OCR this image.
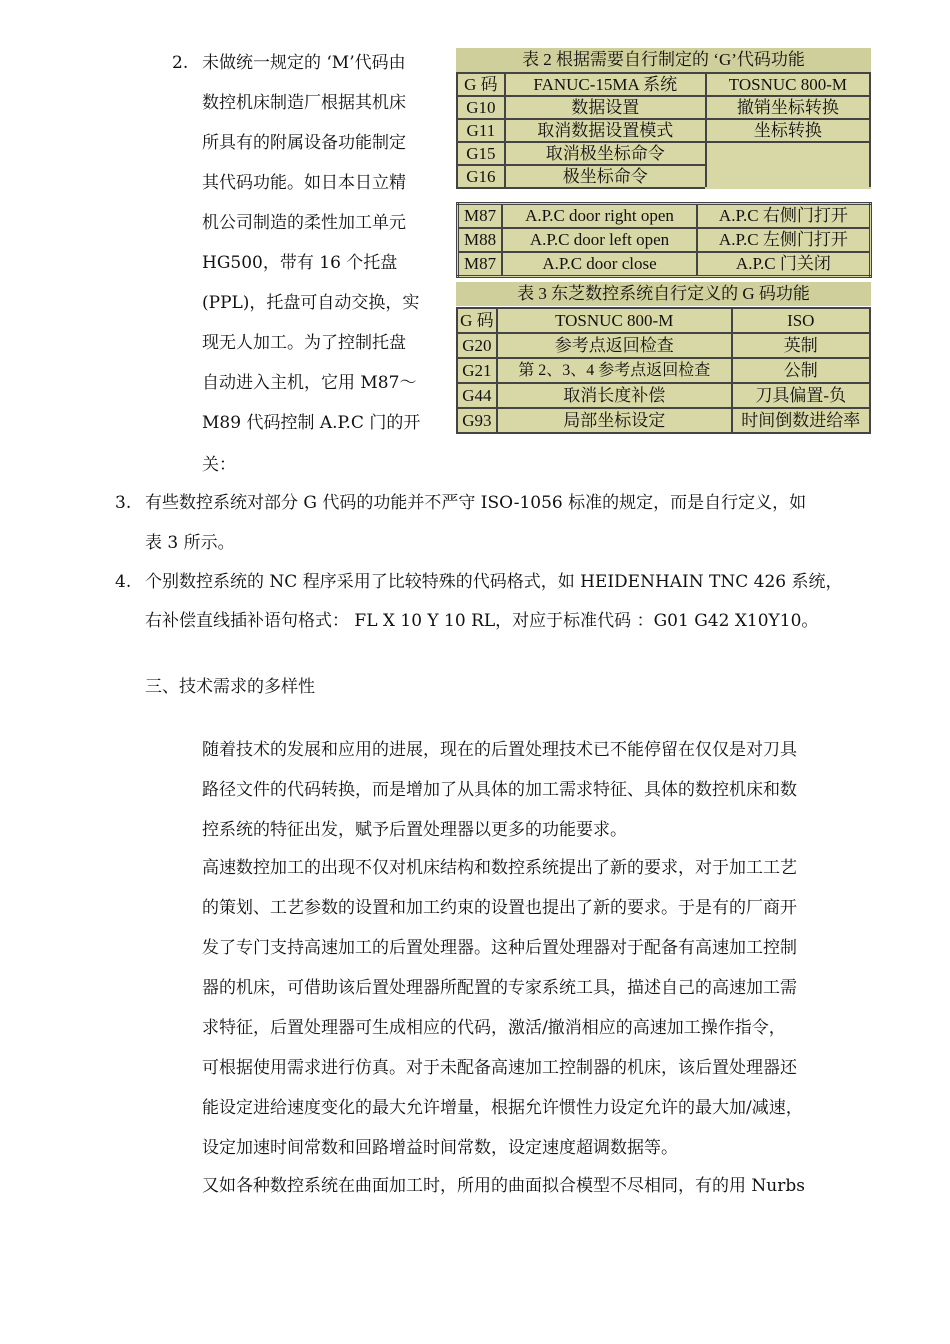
2. 未做统一规定的 ‘M’代码由
数控机床制造厂根据其机床
所具有的附属设备功能制定
其代码功能。如日本日立精
机公司制造的柔性加工单元
HG500，带有 16 个托盘
(PPL)，托盘可自动交换，实
现无人加工。为了控制托盘
自动进入主机，它用 M87～
M89 代码控制 A.P.C 门的开
关：
表 2 根据需要自行制定的 ‘G’代码功能
G 码	FANUC-15MA 系统	TOSNUC 800-M
G10	数据设置	撤销坐标转换
G11	取消数据设置模式	坐标转换
G15	取消极坐标命令	
G16	极坐标命令	
M87	A.P.C door right open	A.P.C 右侧门打开
M88	A.P.C door left open	A.P.C 左侧门打开
M87	A.P.C door close	A.P.C 门关闭
表 3 东芝数控系统自行定义的 G 码功能
G 码	TOSNUC 800-M	ISO
G20	参考点返回检查	英制
G21	第 2、3、4 参考点返回检查	公制
G44	取消长度补偿	刀具偏置-负
G93	局部坐标设定	时间倒数进给率
3. 有些数控系统对部分 G 代码的功能并不严守 ISO-1056 标准的规定，而是自行定义，如
表 3 所示。
4. 个别数控系统的 NC 程序采用了比较特殊的代码格式，如 HEIDENHAIN TNC 426 系统，
右补偿直线插补语句格式： FL X 10 Y 10 RL，对应于标准代码 ：G01 G42 X10Y10。
三、技术需求的多样性
随着技术的发展和应用的进展，现在的后置处理技术已不能停留在仅仅是对刀具
路径文件的代码转换，而是增加了从具体的加工需求特征、具体的数控机床和数
控系统的特征出发，赋予后置处理器以更多的功能要求。
高速数控加工的出现不仅对机床结构和数控系统提出了新的要求，对于加工工艺
的策划、工艺参数的设置和加工约束的设置也提出了新的要求。于是有的厂商开
发了专门支持高速加工的后置处理器。这种后置处理器对于配备有高速加工控制
器的机床，可借助该后置处理器所配置的专家系统工具，描述自己的高速加工需
求特征，后置处理器可生成相应的代码，激活/撤消相应的高速加工操作指令，
可根据使用需求进行仿真。对于未配备高速加工控制器的机床，该后置处理器还
能设定进给速度变化的最大允许增量，根据允许惯性力设定允许的最大加/减速，
设定加速时间常数和回路增益时间常数，设定速度超调数据等。
又如各种数控系统在曲面加工时，所用的曲面拟合模型不尽相同，有的用 Nurbs
